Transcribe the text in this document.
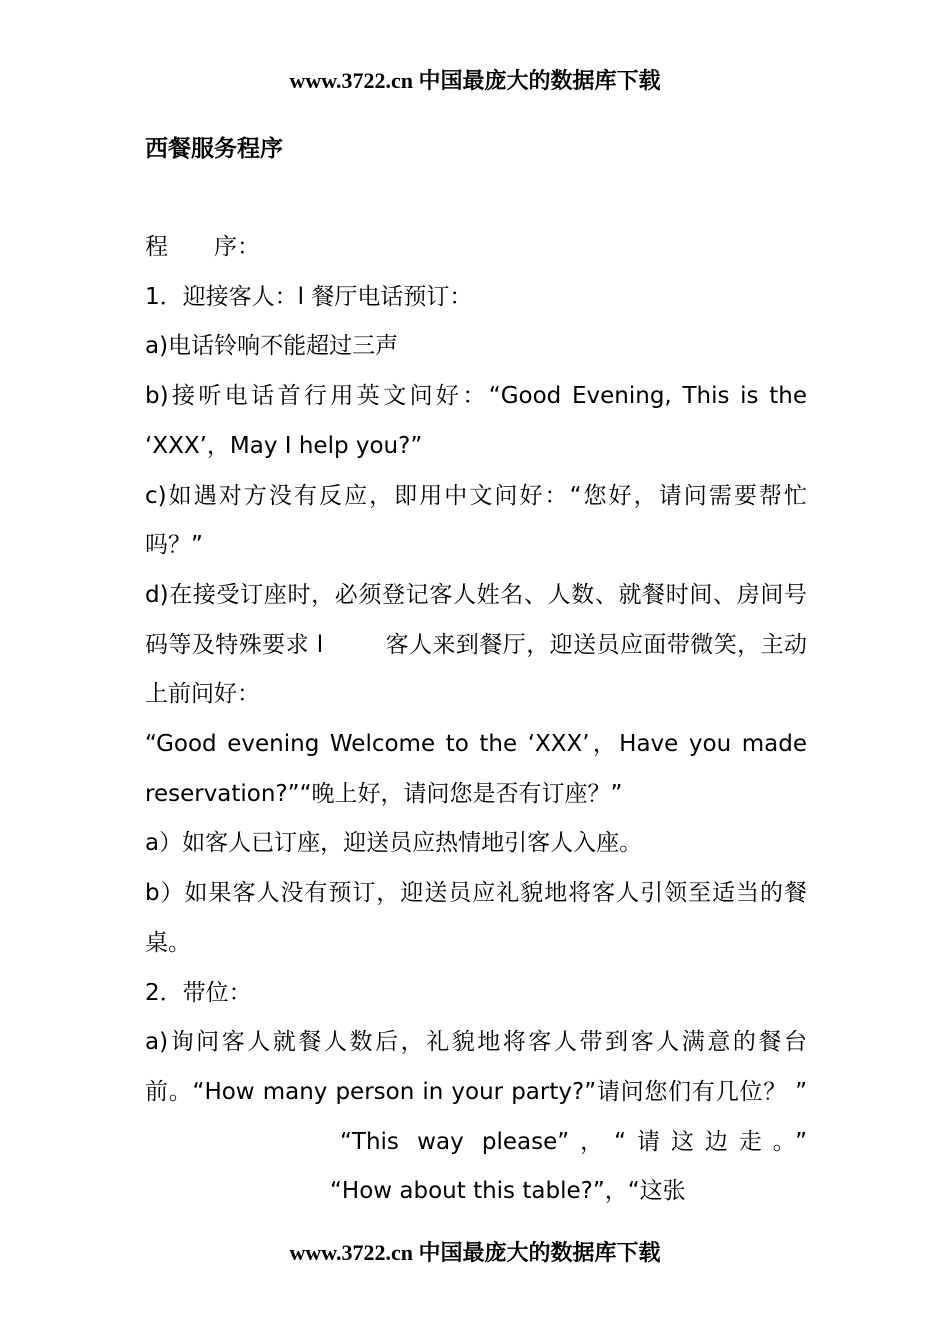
www.3722.cn 中国最庞大的数据库下载
西餐服务程序

程　　序：

1．迎接客人：l 餐厅电话预订：

a)电话铃响不能超过三声

b)接听电话首行用英文问好：“Good Evening, This is the ‘XXX’，May I help you?”

c)如遇对方没有反应，即用中文问好：“您好，请问需要帮忙吗？”

d)在接受订座时，必须登记客人姓名、人数、就餐时间、房间号码等及特殊要求 l	客人来到餐厅，迎送员应面带微笑，主动上前问好：

“Good evening Welcome to the ‘XXX’，Have you made reservation?”“晚上好，请问您是否有订座？”

a）如客人已订座，迎送员应热情地引客人入座。

b）如果客人没有预订，迎送员应礼貌地将客人引领至适当的餐桌。

2．带位：

a)询问客人就餐人数后，礼貌地将客人带到客人满意的餐台前。“How many person in your party?”请问您们有几位？ ”“This way please”，“请这边走。”“How about this table?”，“这张

www.3722.cn 中国最庞大的数据库下载
